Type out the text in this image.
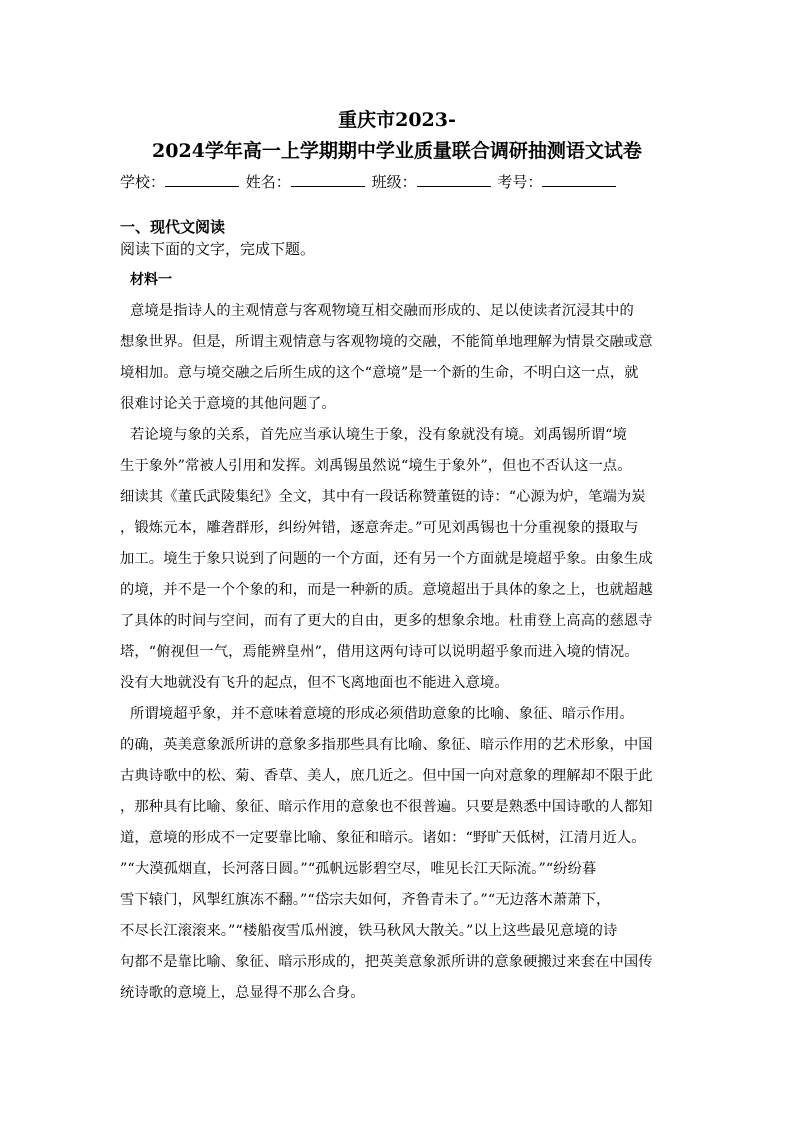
重庆市2023-
2024学年高一上学期期中学业质量联合调研抽测语文试卷
学校：	姓名：	班级：	考号：
一、现代文阅读
阅读下面的文字，完成下题。
材料一
意境是指诗人的主观情意与客观物境互相交融而形成的、足以使读者沉浸其中的
想象世界。但是，所谓主观情意与客观物境的交融，不能简单地理解为情景交融或意
境相加。意与境交融之后所生成的这个“意境”是一个新的生命，不明白这一点，就
很难讨论关于意境的其他问题了。
若论境与象的关系，首先应当承认境生于象，没有象就没有境。刘禹锡所谓“境
生于象外”常被人引用和发挥。刘禹锡虽然说“境生于象外”，但也不否认这一点。
细读其《董氏武陵集纪》全文，其中有一段话称赞董铤的诗：“心源为炉，笔端为炭
，锻炼元本，雕砻群形，纠纷舛错，逐意奔走。”可见刘禹锡也十分重视象的摄取与
加工。境生于象只说到了问题的一个方面，还有另一个方面就是境超乎象。由象生成
的境，并不是一个个象的和，而是一种新的质。意境超出于具体的象之上，也就超越
了具体的时间与空间，而有了更大的自由，更多的想象余地。杜甫登上高高的慈恩寺
塔，“俯视但一气，焉能辨皇州”，借用这两句诗可以说明超乎象而进入境的情况。
没有大地就没有飞升的起点，但不飞离地面也不能进入意境。
所谓境超乎象，并不意味着意境的形成必须借助意象的比喻、象征、暗示作用。
的确，英美意象派所讲的意象多指那些具有比喻、象征、暗示作用的艺术形象，中国
古典诗歌中的松、菊、香草、美人，庶几近之。但中国一向对意象的理解却不限于此
，那种具有比喻、象征、暗示作用的意象也不很普遍。只要是熟悉中国诗歌的人都知
道，意境的形成不一定要靠比喻、象征和暗示。诸如：“野旷天低树，江清月近人。
”“大漠孤烟直，长河落日圆。”“孤帆远影碧空尽，唯见长江天际流。”“纷纷暮
雪下辕门，风掣红旗冻不翻。”“岱宗夫如何，齐鲁青未了。”“无边落木萧萧下，
不尽长江滚滚来。”“楼船夜雪瓜州渡，铁马秋风大散关。”以上这些最见意境的诗
句都不是靠比喻、象征、暗示形成的，把英美意象派所讲的意象硬搬过来套在中国传
统诗歌的意境上，总显得不那么合身。
